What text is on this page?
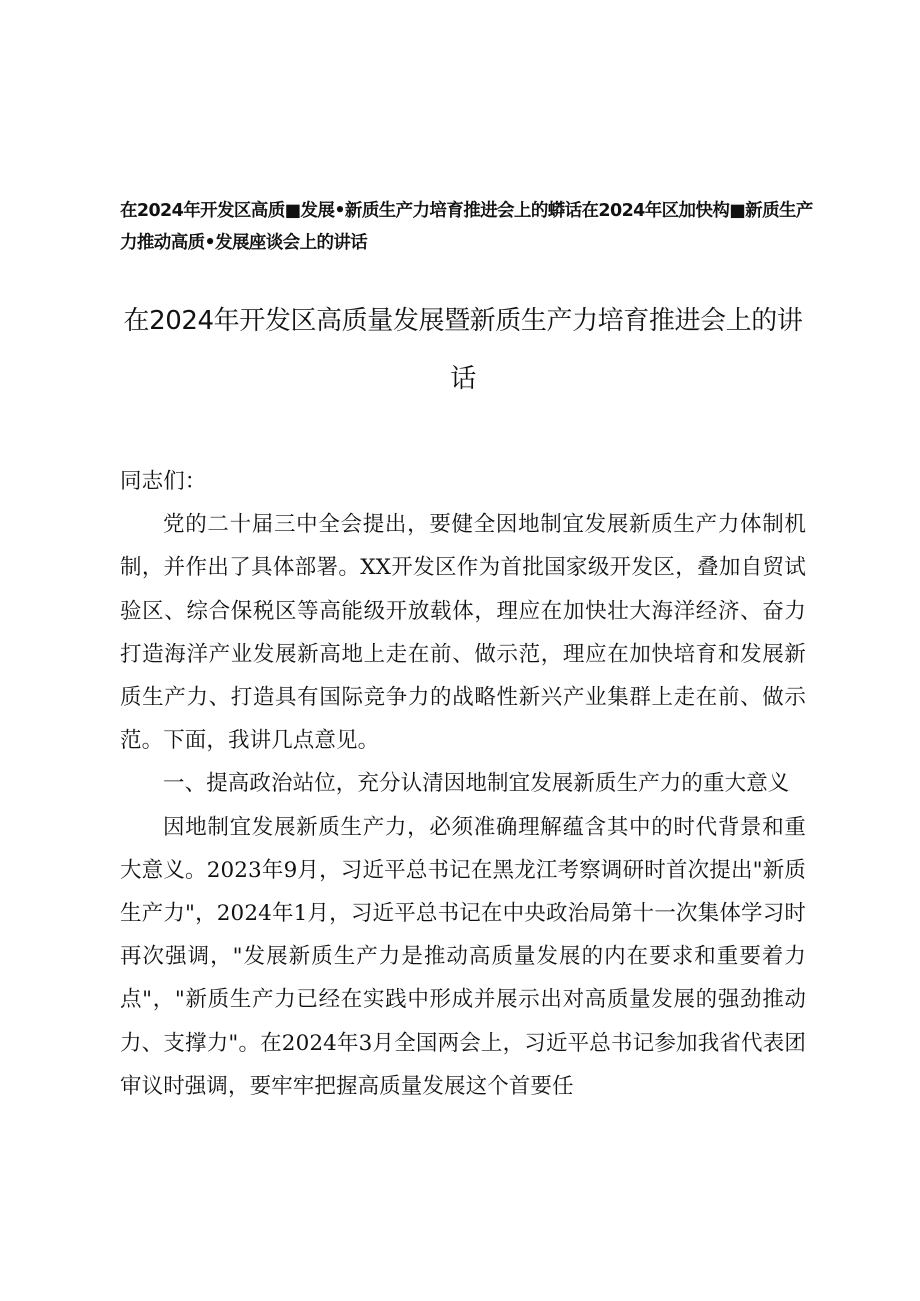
在2024年开发区高质■发展•新质生产力培育推进会上的蟒话在2024年区加快构■新质生产力推动高质•发展座谈会上的讲话
在2024年开发区高质量发展暨新质生产力培育推进会上的讲话

同志们：

党的二十届三中全会提出，要健全因地制宜发展新质生产力体制机制，并作出了具体部署。XX开发区作为首批国家级开发区，叠加自贸试验区、综合保税区等高能级开放载体，理应在加快壮大海洋经济、奋力打造海洋产业发展新高地上走在前、做示范，理应在加快培育和发展新质生产力、打造具有国际竞争力的战略性新兴产业集群上走在前、做示范。下面，我讲几点意见。

一、提高政治站位，充分认清因地制宜发展新质生产力的重大意义

因地制宜发展新质生产力，必须准确理解蕴含其中的时代背景和重大意义。2023年9月，习近平总书记在黑龙江考察调研时首次提出"新质生产力"，2024年1月，习近平总书记在中央政治局第十一次集体学习时再次强调，"发展新质生产力是推动高质量发展的内在要求和重要着力点"，"新质生产力已经在实践中形成并展示出对高质量发展的强劲推动力、支撑力"。在2024年3月全国两会上，习近平总书记参加我省代表团审议时强调，要牢牢把握高质量发展这个首要任
